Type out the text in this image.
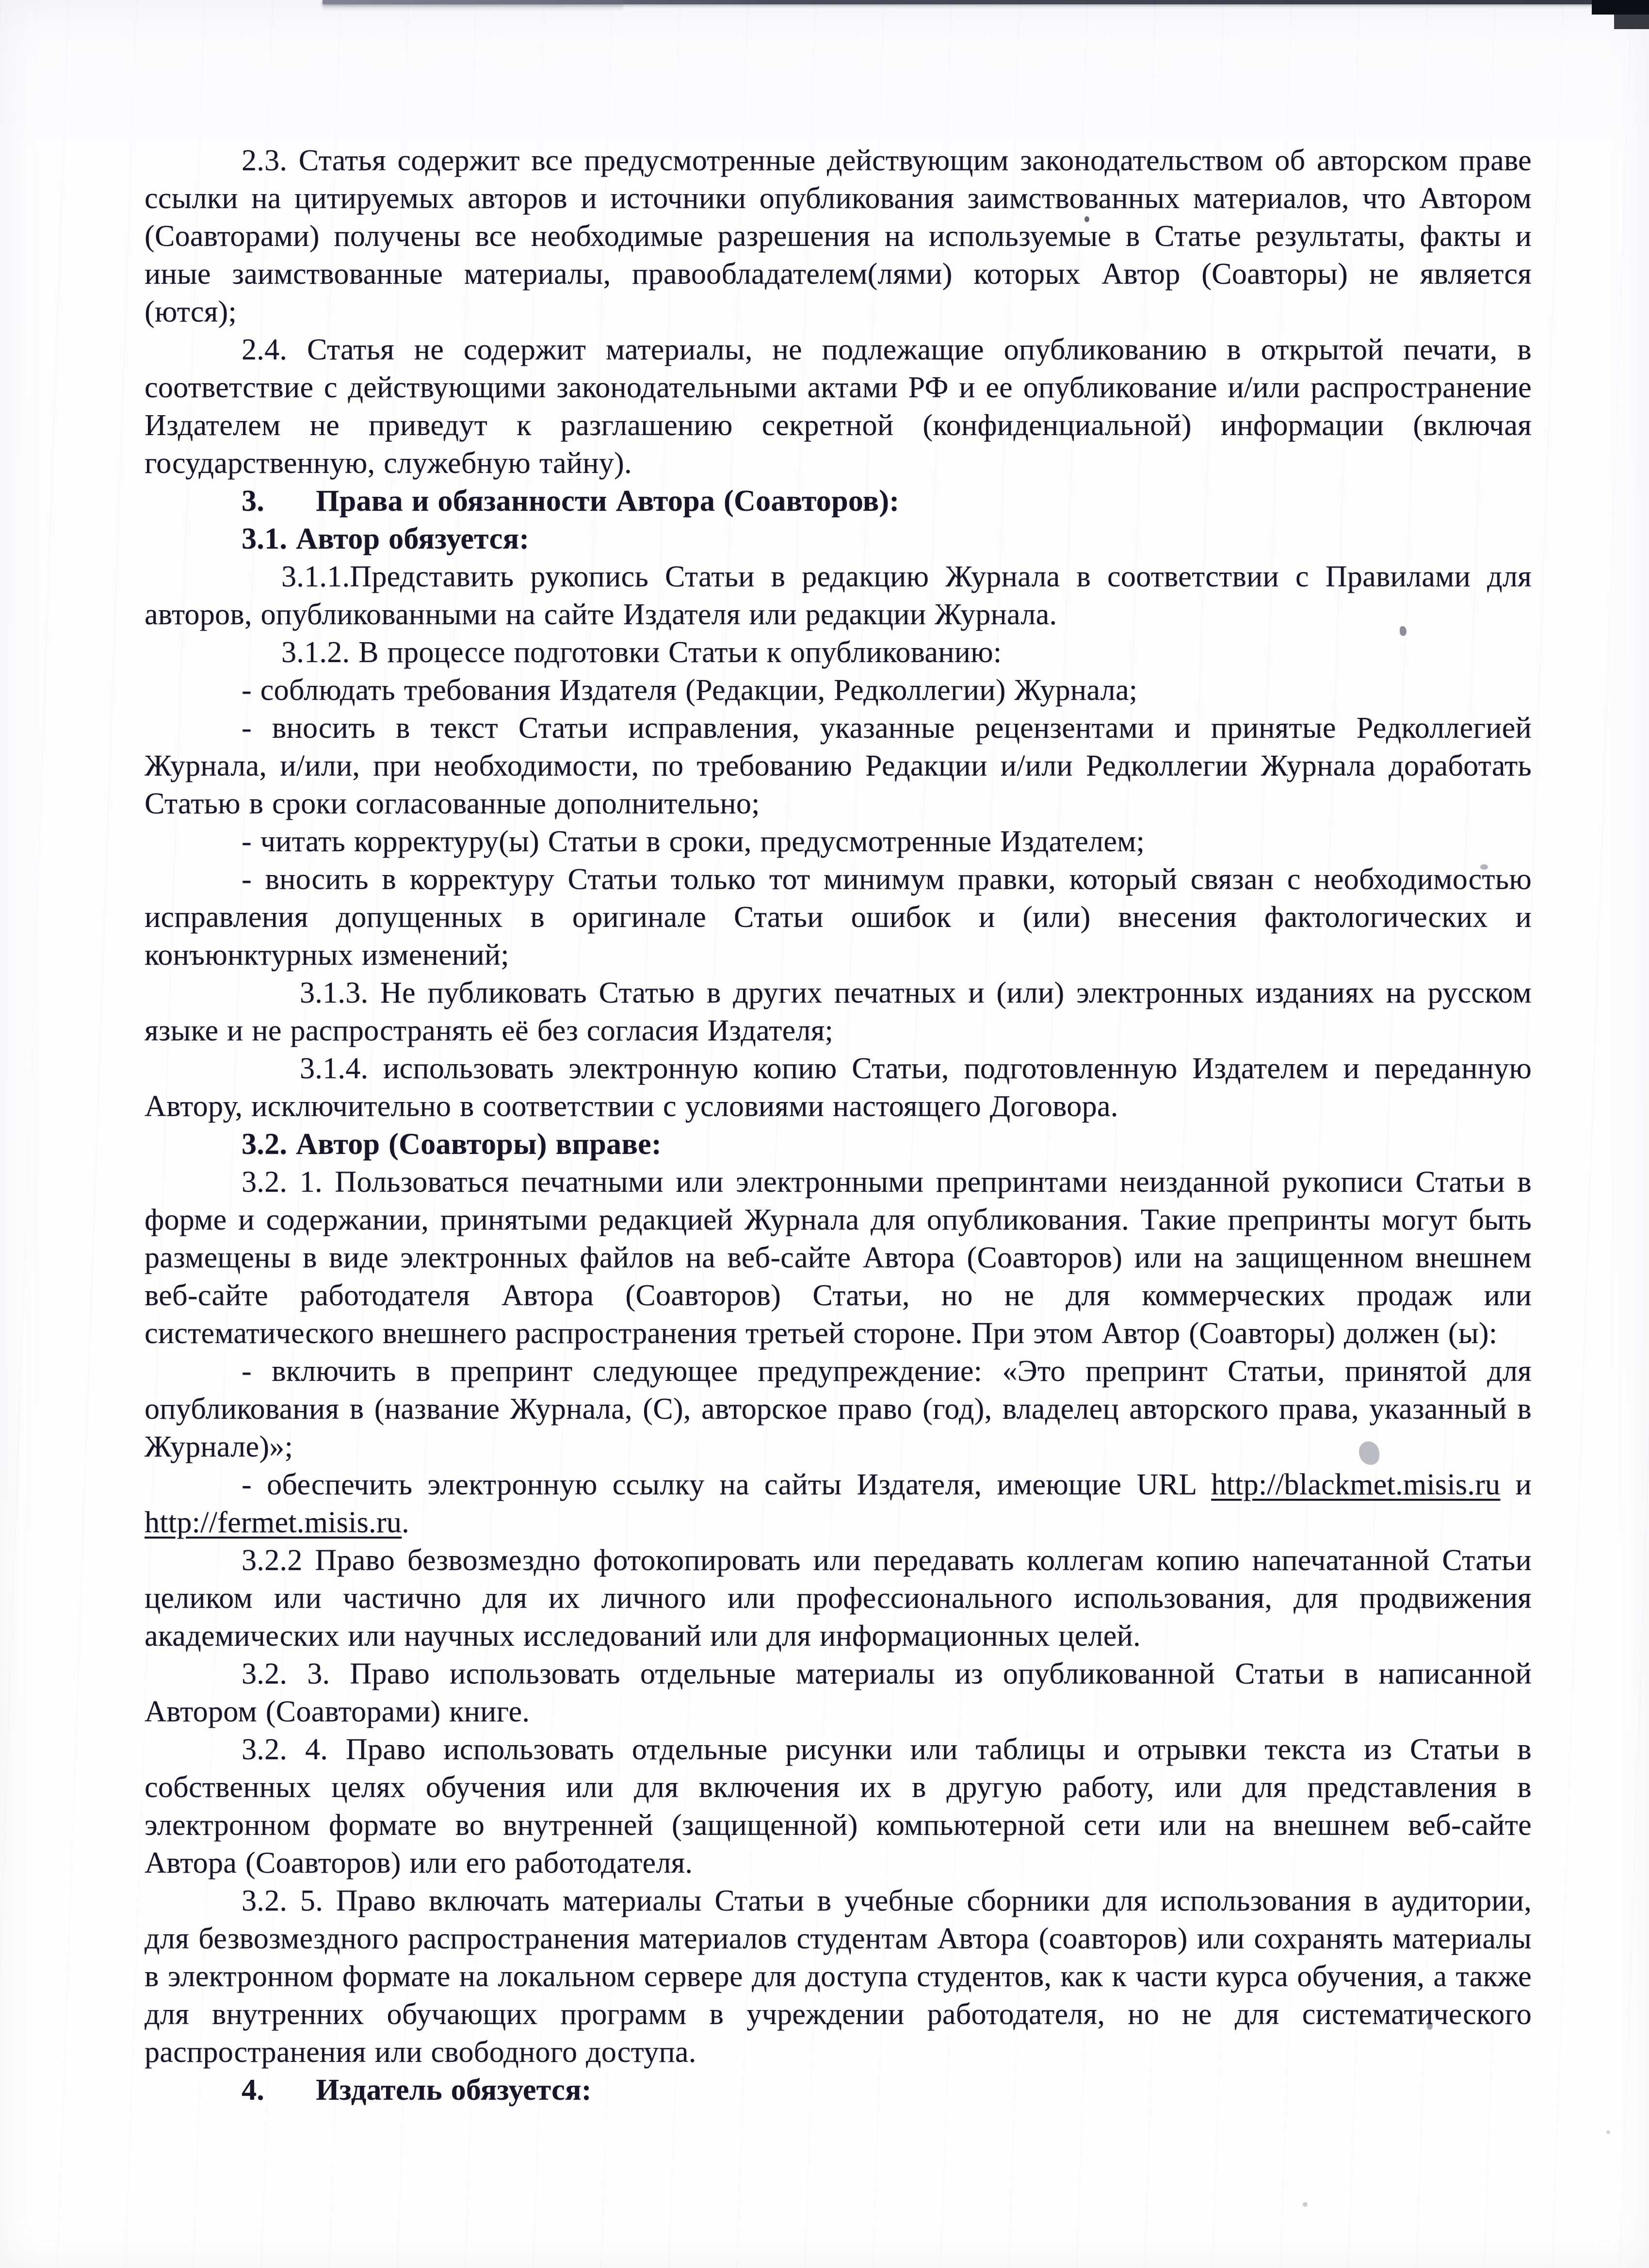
2.3. Статья содержит все предусмотренные действующим законодательством об авторском праве ссылки на цитируемых авторов и источники опубликования заимствованных материалов, что Автором (Соавторами) получены все необходимые разрешения на используемые в Статье результаты, факты и иные заимствованные материалы, правообладателем(лями) которых Автор (Соавторы) не является (ются);

2.4. Статья не содержит материалы, не подлежащие опубликованию в открытой печати, в соответствие с действующими законодательными актами РФ и ее опубликование и/или распространение Издателем не приведут к разглашению секретной (конфиденциальной) информации (включая государственную, служебную тайну).

3. Права и обязанности Автора (Соавторов):

3.1. Автор обязуется:

3.1.1.Представить рукопись Статьи в редакцию Журнала в соответствии с Правилами для авторов, опубликованными на сайте Издателя или редакции Журнала.

3.1.2. В процессе подготовки Статьи к опубликованию:

- соблюдать требования Издателя (Редакции, Редколлегии) Журнала;

- вносить в текст Статьи исправления, указанные рецензентами и принятые Редколлегией Журнала, и/или, при необходимости, по требованию Редакции и/или Редколлегии Журнала доработать Статью в сроки согласованные дополнительно;

- читать корректуру(ы) Статьи в сроки, предусмотренные Издателем;

- вносить в корректуру Статьи только тот минимум правки, который связан с необходимостью исправления допущенных в оригинале Статьи ошибок и (или) внесения фактологических и конъюнктурных изменений;

3.1.3. Не публиковать Статью в других печатных и (или) электронных изданиях на русском языке и не распространять её без согласия Издателя;

3.1.4. использовать электронную копию Статьи, подготовленную Издателем и переданную Автору, исключительно в соответствии с условиями настоящего Договора.

3.2. Автор (Соавторы) вправе:

3.2. 1. Пользоваться печатными или электронными препринтами неизданной рукописи Статьи в форме и содержании, принятыми редакцией Журнала для опубликования. Такие препринты могут быть размещены в виде электронных файлов на веб-сайте Автора (Соавторов) или на защищенном внешнем веб-сайте работодателя Автора (Соавторов) Статьи, но не для коммерческих продаж или систематического внешнего распространения третьей стороне. При этом Автор (Соавторы) должен (ы):

- включить в препринт следующее предупреждение: «Это препринт Статьи, принятой для опубликования в (название Журнала, (С), авторское право (год), владелец авторского права, указанный в Журнале)»;

- обеспечить электронную ссылку на сайты Издателя, имеющие URL http://blackmet.misis.ru и http://fermet.misis.ru.

3.2.2 Право безвозмездно фотокопировать или передавать коллегам копию напечатанной Статьи целиком или частично для их личного или профессионального использования, для продвижения академических или научных исследований или для информационных целей.

3.2. 3. Право использовать отдельные материалы из опубликованной Статьи в написанной Автором (Соавторами) книге.

3.2. 4. Право использовать отдельные рисунки или таблицы и отрывки текста из Статьи в собственных целях обучения или для включения их в другую работу, или для представления в электронном формате во внутренней (защищенной) компьютерной сети или на внешнем веб-сайте Автора (Соавторов) или его работодателя.

3.2. 5. Право включать материалы Статьи в учебные сборники для использования в аудитории, для безвозмездного распространения материалов студентам Автора (соавторов) или сохранять материалы в электронном формате на локальном сервере для доступа студентов, как к части курса обучения, а также для внутренних обучающих программ в учреждении работодателя, но не для систематического распространения или свободного доступа.

4. Издатель обязуется:
